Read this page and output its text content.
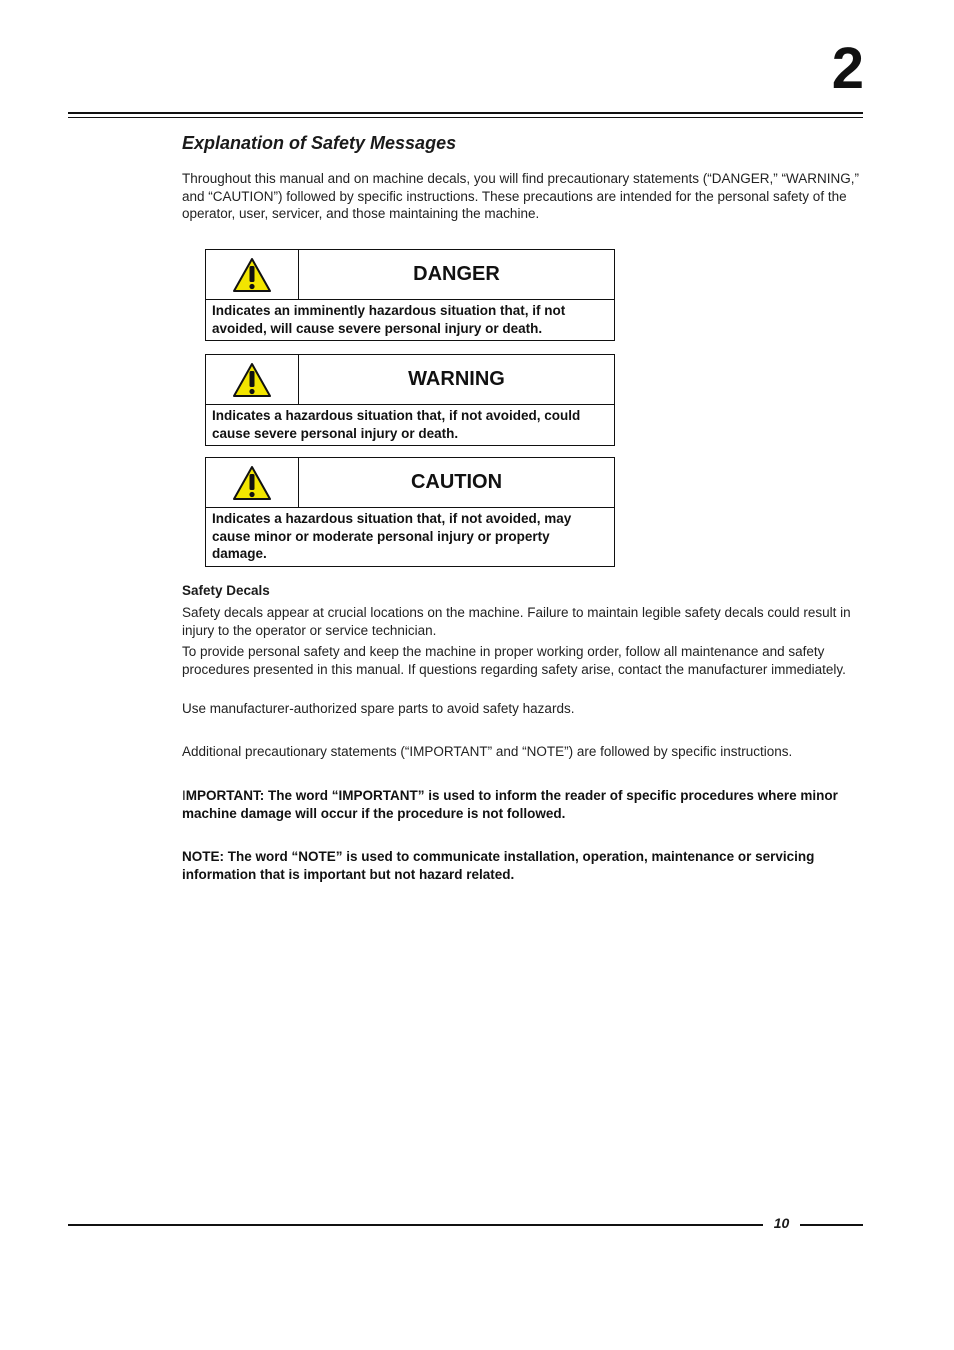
2
Explanation of Safety Messages

Throughout this manual and on machine decals, you will find precautionary statements (“DANGER,” “WARNING,” and “CAUTION”) followed by specific instructions. These precautions are intended for the personal safety of the operator, user, servicer, and those maintaining the machine.

DANGER
Indicates an imminently hazardous situation that, if not avoided, will cause severe personal injury or death.
WARNING
Indicates a hazardous situation that, if not avoided, could cause severe personal injury or death.
CAUTION
Indicates a hazardous situation that, if not avoided, may cause minor or moderate personal injury or property damage.
Safety Decals

Safety decals appear at crucial locations on the machine. Failure to maintain legible safety decals could result in injury to the operator or service technician.

To provide personal safety and keep the machine in proper working order, follow all maintenance and safety procedures presented in this manual. If questions regarding safety arise, contact the manufacturer immediately.

Use manufacturer-authorized spare parts to avoid safety hazards.

Additional precautionary statements (“IMPORTANT” and “NOTE”) are followed by specific instructions.

IMPORTANT: The word “IMPORTANT” is used to inform the reader of specific procedures where minor machine damage will occur if the procedure is not followed.

NOTE: The word “NOTE” is used to communicate installation, operation, maintenance or servicing information that is important but not hazard related.

10
